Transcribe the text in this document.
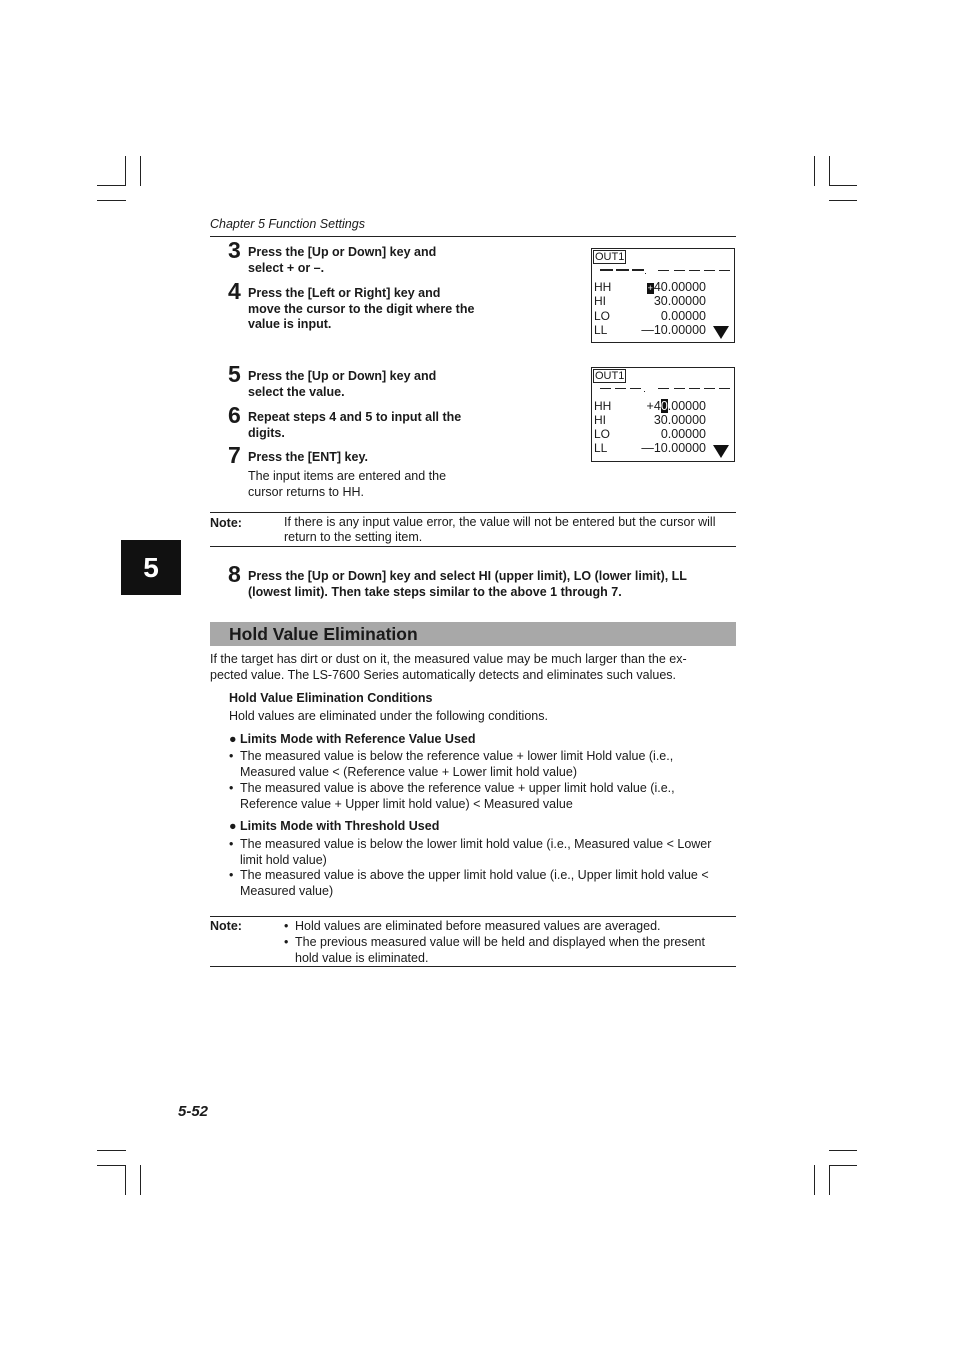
Chapter 5 Function Settings
5
3 Press the [Up or Down] key and
select + or –.
4 Press the [Left or Right] key and
move the cursor to the digit where the
value is input.
OUT1
HH	+40.00000
HI	30.00000
LO	0.00000
LL	—10.00000
5 Press the [Up or Down] key and
select the value.
6 Repeat steps 4 and 5 to input all the
digits.
7 Press the [ENT] key.
The input items are entered and the
cursor returns to HH.
OUT1
HH	+40.00000
HI	30.00000
LO	0.00000
LL	—10.00000
Note:	If there is any input value error, the value will not be entered but the cursor will
return to the setting item.
8 Press the [Up or Down] key and select HI (upper limit), LO (lower limit), LL
(lowest limit). Then take steps similar to the above 1 through 7.
Hold Value Elimination
If the target has dirt or dust on it, the measured value may be much larger than the ex-
pected value. The LS-7600 Series automatically detects and eliminates such values.
Hold Value Elimination Conditions
Hold values are eliminated under the following conditions.
● Limits Mode with Reference Value Used
• The measured value is below the reference value + lower limit Hold value (i.e.,
Measured value < (Reference value + Lower limit hold value)
• The measured value is above the reference value + upper limit hold value (i.e.,
Reference value + Upper limit hold value) < Measured value
● Limits Mode with Threshold Used
• The measured value is below the lower limit hold value (i.e., Measured value < Lower
limit hold value)
• The measured value is above the upper limit hold value (i.e., Upper limit hold value <
Measured value)
Note:	• Hold values are eliminated before measured values are averaged.
• The previous measured value will be held and displayed when the present
hold value is eliminated.
5-52
